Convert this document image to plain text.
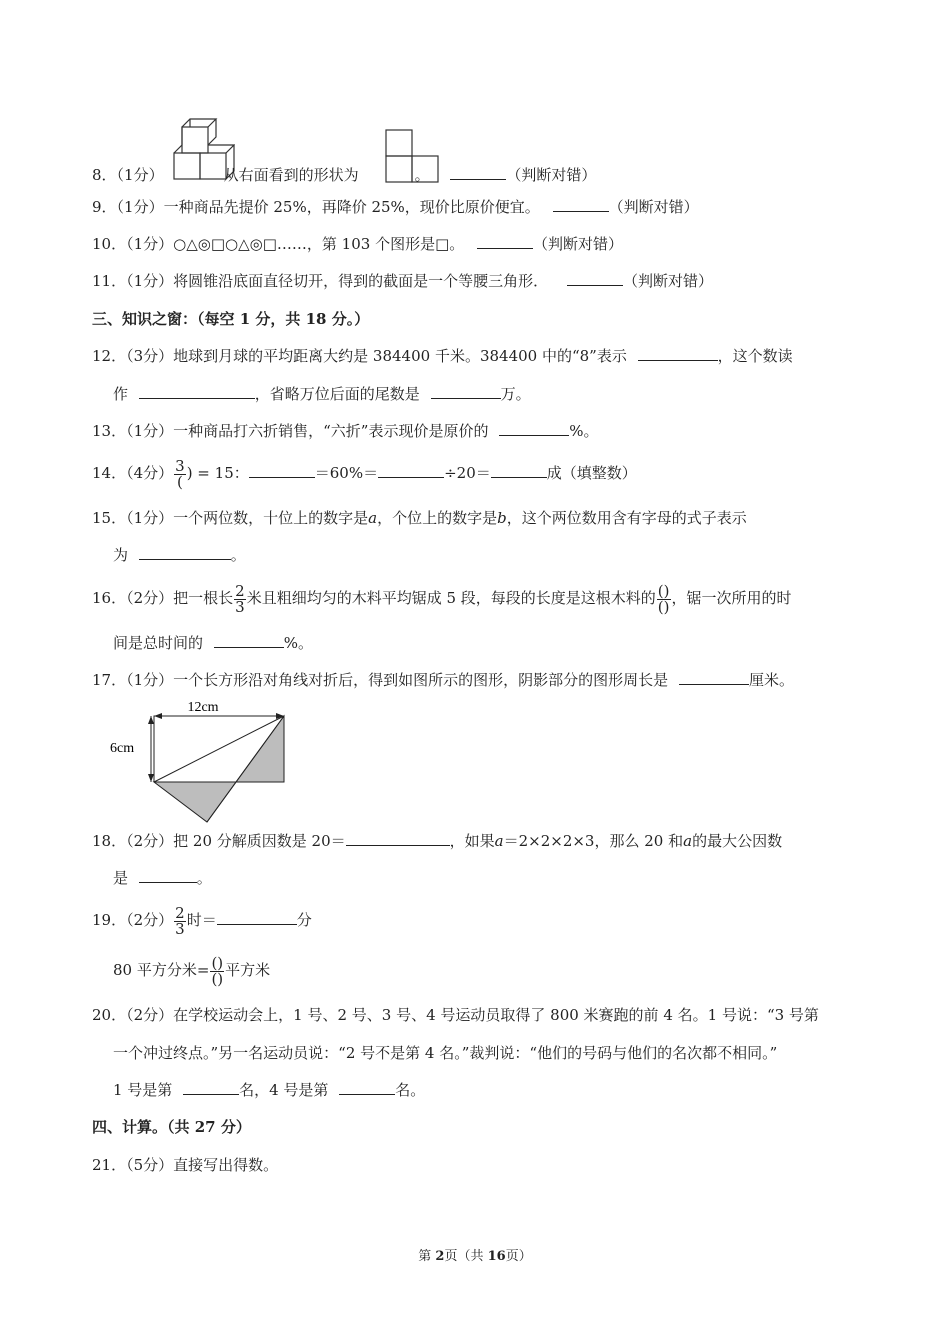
8．（1分）	从右面看到的形状为	。	（判断对错）
9．（1分）一种商品先提价 25%，再降价 25%，现价比原价便宜。	（判断对错）
10．（1分）○△◎□○△◎□……，第 103 个图形是□。	（判断对错）
11．（1分）将圆锥沿底面直径切开，得到的截面是一个等腰三角形．	（判断对错）
三、知识之窗：（每空 1 分，共 18 分。）
12．（3分）地球到月球的平均距离大约是 384400 千米。384400 中的“8”表示	，这个数读
作	，省略万位后面的尾数是	万。
13．（1分）一种商品打六折销售，“六折”表示现价是原价的	%。
14．（4分） $\frac{3}{(}$ ) = 15：	＝60%＝	÷20＝	成（填整数）
15．（1分）一个两位数，十位上的数字是a，个位上的数字是b，这个两位数用含有字母的式子表示
为	。
16．（2分）把一根长 $\frac{2}{3}$ 米且粗细均匀的木料平均锯成 5 段，每段的长度是这根木料的 $\frac{()}{()}$ ，锯一次所用的时
间是总时间的	%。
17．（1分）一个长方形沿对角线对折后，得到如图所示的图形，阴影部分的图形周长是	厘米。
12cm
6cm
18．（2分）把 20 分解质因数是 20＝	，如果a＝2×2×2×3，那么 20 和a的最大公因数
是	。
19．（2分） $\frac{2}{3}$ 时＝	分
80 平方分米= $\frac{()}{()}$ 平方米
20．（2分）在学校运动会上，1 号、2 号、3 号、4 号运动员取得了 800 米赛跑的前 4 名。1 号说：“3 号第
一个冲过终点。”另一名运动员说：“2 号不是第 4 名。”裁判说：“他们的号码与他们的名次都不相同。”
1 号是第	名，4 号是第	名。
四、计算。（共 27 分）
21．（5分）直接写出得数。
第 2页（共 16页）
